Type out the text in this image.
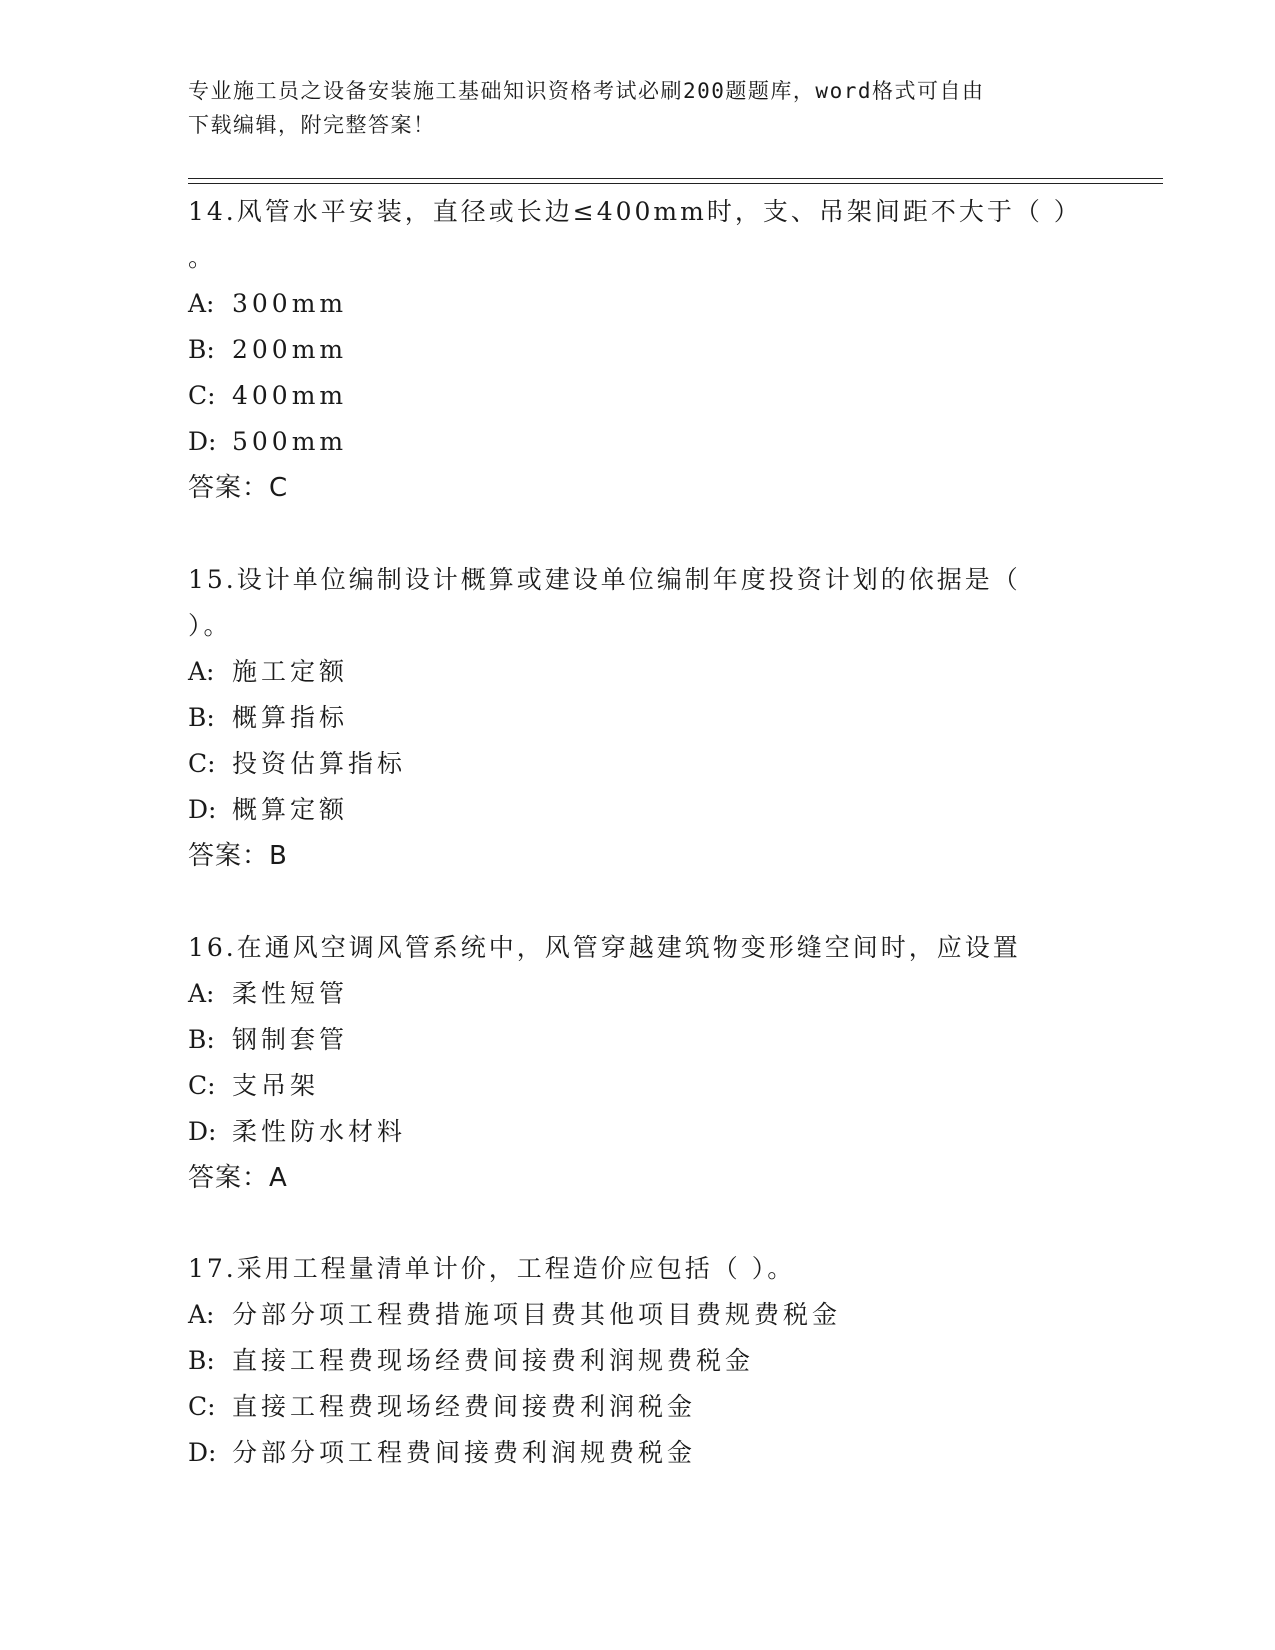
专业施工员之设备安装施工基础知识资格考试必刷200题题库，word格式可自由
下载编辑，附完整答案！
14.风管水平安装，直径或长边≤400mm时，支、吊架间距不大于（ ）
。
A: 300mm
B: 200mm
C: 400mm
D: 500mm
答案：C
15.设计单位编制设计概算或建设单位编制年度投资计划的依据是（
）。
A: 施工定额
B: 概算指标
C: 投资估算指标
D: 概算定额
答案：B
16.在通风空调风管系统中，风管穿越建筑物变形缝空间时，应设置
A: 柔性短管
B: 钢制套管
C: 支吊架
D: 柔性防水材料
答案：A
17.采用工程量清单计价，工程造价应包括（ ）。
A: 分部分项工程费措施项目费其他项目费规费税金
B: 直接工程费现场经费间接费利润规费税金
C: 直接工程费现场经费间接费利润税金
D: 分部分项工程费间接费利润规费税金
